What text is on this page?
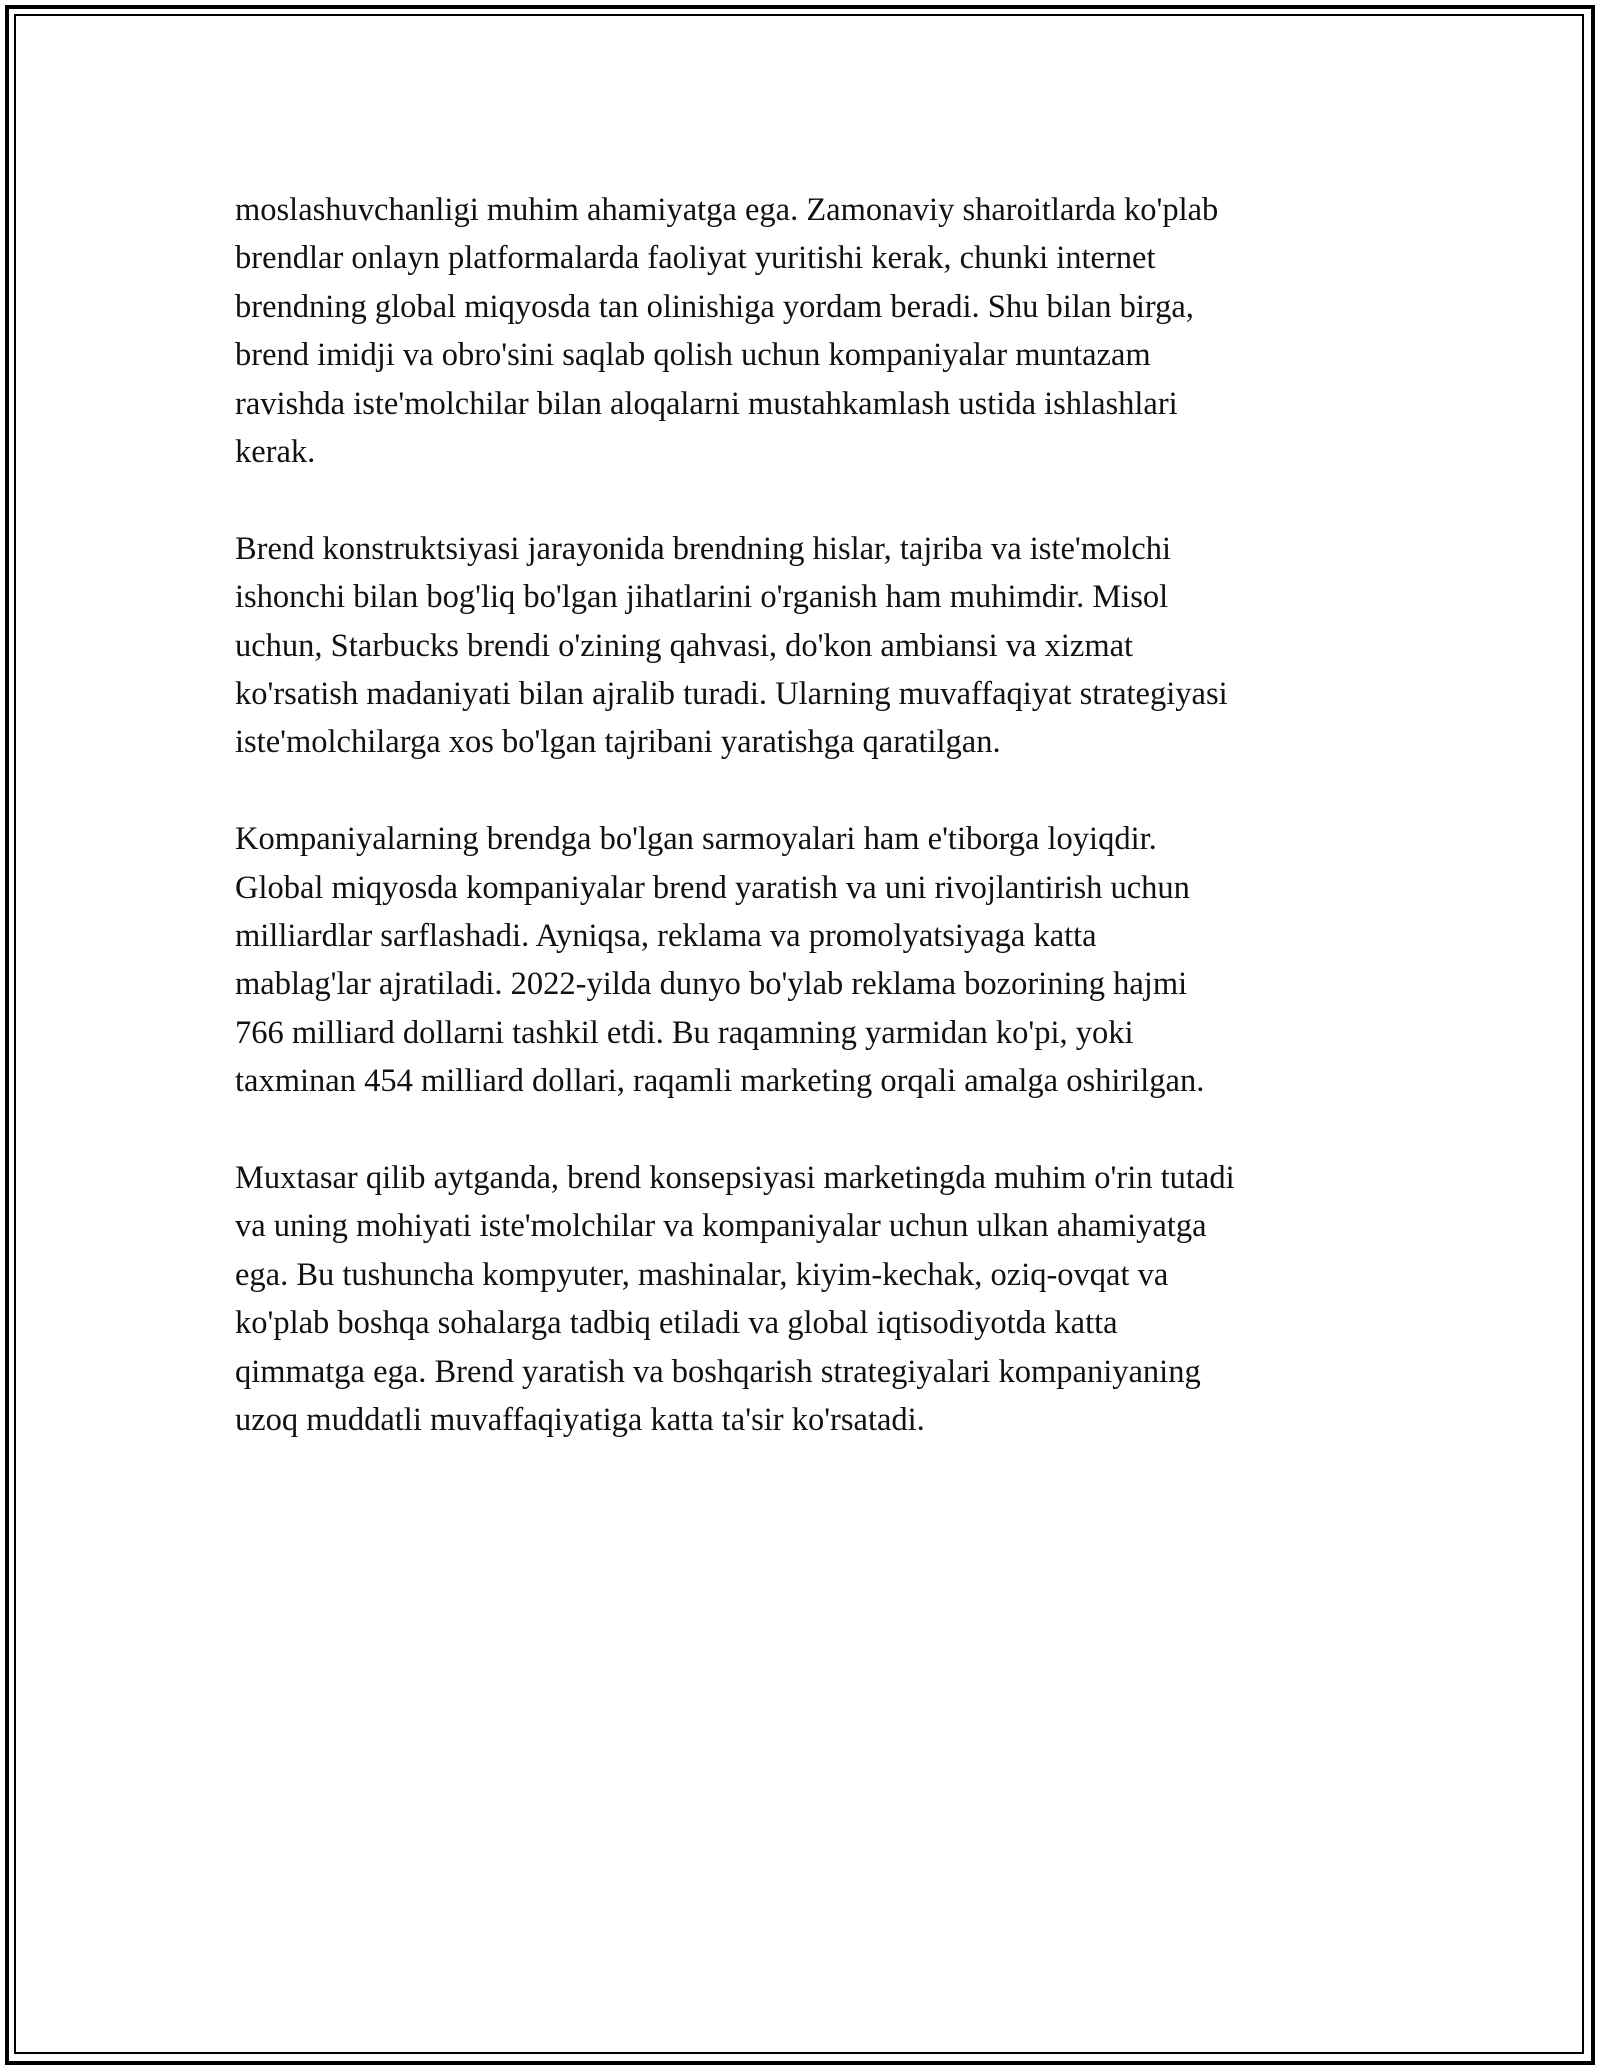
moslashuvchanligi muhim ahamiyatga ega. Zamonaviy sharoitlarda ko'plab
brendlar onlayn platformalarda faoliyat yuritishi kerak, chunki internet
brendning global miqyosda tan olinishiga yordam beradi. Shu bilan birga,
brend imidji va obro'sini saqlab qolish uchun kompaniyalar muntazam
ravishda iste'molchilar bilan aloqalarni mustahkamlash ustida ishlashlari
kerak.

Brend konstruktsiyasi jarayonida brendning hislar, tajriba va iste'molchi
ishonchi bilan bog'liq bo'lgan jihatlarini o'rganish ham muhimdir. Misol
uchun, Starbucks brendi o'zining qahvasi, do'kon ambiansi va xizmat
ko'rsatish madaniyati bilan ajralib turadi. Ularning muvaffaqiyat strategiyasi
iste'molchilarga xos bo'lgan tajribani yaratishga qaratilgan.

Kompaniyalarning brendga bo'lgan sarmoyalari ham e'tiborga loyiqdir.
Global miqyosda kompaniyalar brend yaratish va uni rivojlantirish uchun
milliardlar sarflashadi. Ayniqsa, reklama va promolyatsiyaga katta
mablag'lar ajratiladi. 2022-yilda dunyo bo'ylab reklama bozorining hajmi
766 milliard dollarni tashkil etdi. Bu raqamning yarmidan ko'pi, yoki
taxminan 454 milliard dollari, raqamli marketing orqali amalga oshirilgan.

Muxtasar qilib aytganda, brend konsepsiyasi marketingda muhim o'rin tutadi
va uning mohiyati iste'molchilar va kompaniyalar uchun ulkan ahamiyatga
ega. Bu tushuncha kompyuter, mashinalar, kiyim-kechak, oziq-ovqat va
ko'plab boshqa sohalarga tadbiq etiladi va global iqtisodiyotda katta
qimmatga ega. Brend yaratish va boshqarish strategiyalari kompaniyaning
uzoq muddatli muvaffaqiyatiga katta ta'sir ko'rsatadi.
